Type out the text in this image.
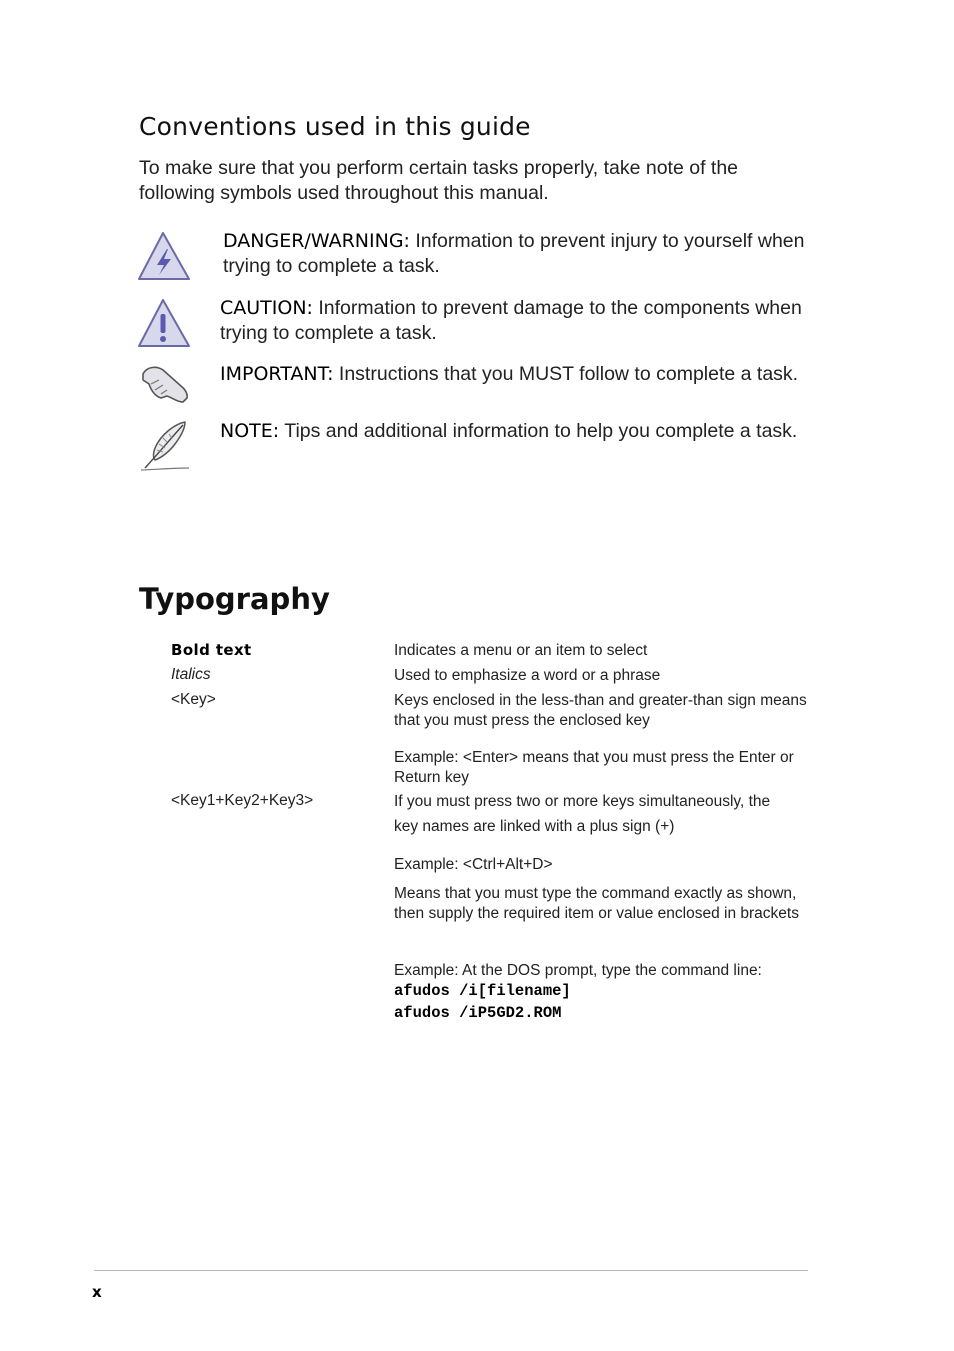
Conventions used in this guide

To make sure that you perform certain tasks properly, take note of the following symbols used throughout this manual.

DANGER/WARNING: Information to prevent injury to yourself when trying to complete a task.
CAUTION: Information to prevent damage to the components when trying to complete a task.
IMPORTANT: Instructions that you MUST follow to complete a task.
NOTE: Tips and additional information to help you complete a task.
Typography
Bold text	Indicates a menu or an item to select
Italics	Used to emphasize a word or a phrase
<Key>	Keys enclosed in the less-than and greater-than sign means that you must press the enclosed key
Example: <Enter> means that you must press the Enter or Return key
<Key1+Key2+Key3>	If you must press two or more keys simultaneously, the
key names are linked with a plus sign (+)
Example: <Ctrl+Alt+D>
Means that you must type the command exactly as shown, then supply the required item or value enclosed in brackets
Example: At the DOS prompt, type the command line:
afudos /i[filename]
afudos /iP5GD2.ROM
x
